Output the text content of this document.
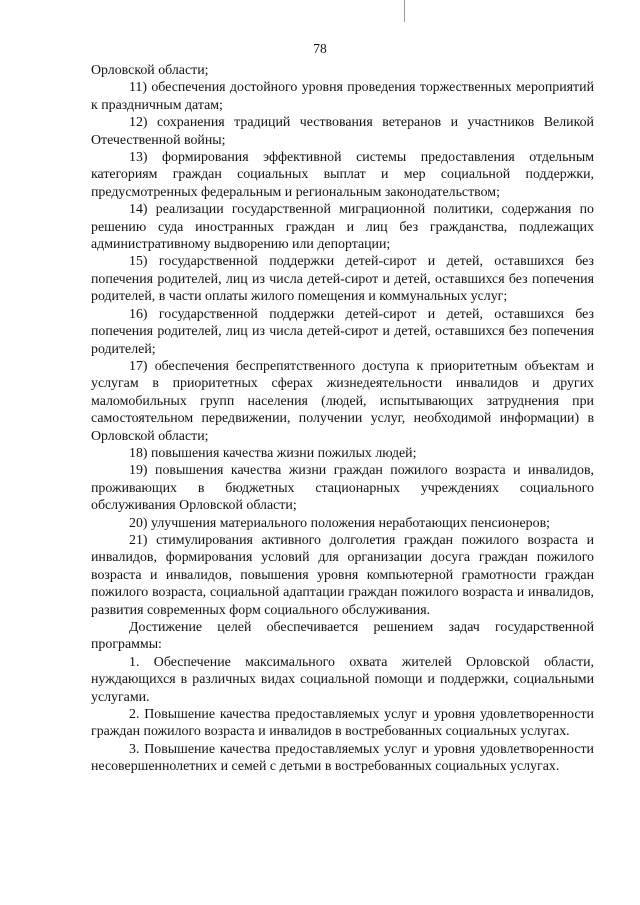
78

Орловской области;

11) обеспечения достойного уровня проведения торжественных мероприятий к праздничным датам;

12) сохранения традиций чествования ветеранов и участников Великой Отечественной войны;

13) формирования эффективной системы предоставления отдельным категориям граждан социальных выплат и мер социальной поддержки, предусмотренных федеральным и региональным законодательством;

14) реализации государственной миграционной политики, содержания по решению суда иностранных граждан и лиц без гражданства, подлежащих административному выдворению или депортации;

15) государственной поддержки детей-сирот и детей, оставшихся без попечения родителей, лиц из числа детей-сирот и детей, оставшихся без попечения родителей, в части оплаты жилого помещения и коммунальных услуг;

16) государственной поддержки детей-сирот и детей, оставшихся без попечения родителей, лиц из числа детей-сирот и детей, оставшихся без попечения родителей;

17) обеспечения беспрепятственного доступа к приоритетным объектам и услугам в приоритетных сферах жизнедеятельности инвалидов и других маломобильных групп населения (людей, испытывающих затруднения при самостоятельном передвижении, получении услуг, необходимой информации) в Орловской области;

18) повышения качества жизни пожилых людей;

19) повышения качества жизни граждан пожилого возраста и инвалидов, проживающих в бюджетных стационарных учреждениях социального обслуживания Орловской области;

20) улучшения материального положения неработающих пенсионеров;

21) стимулирования активного долголетия граждан пожилого возраста и инвалидов, формирования условий для организации досуга граждан пожилого возраста и инвалидов, повышения уровня компьютерной грамотности граждан пожилого возраста, социальной адаптации граждан пожилого возраста и инвалидов, развития современных форм социального обслуживания.

Достижение целей обеспечивается решением задач государственной программы:

1. Обеспечение максимального охвата жителей Орловской области, нуждающихся в различных видах социальной помощи и поддержки, социальными услугами.

2. Повышение качества предоставляемых услуг и уровня удовлетворенности граждан пожилого возраста и инвалидов в востребованных социальных услугах.

3. Повышение качества предоставляемых услуг и уровня удовлетворенности несовершеннолетних и семей с детьми в востребованных социальных услугах.
